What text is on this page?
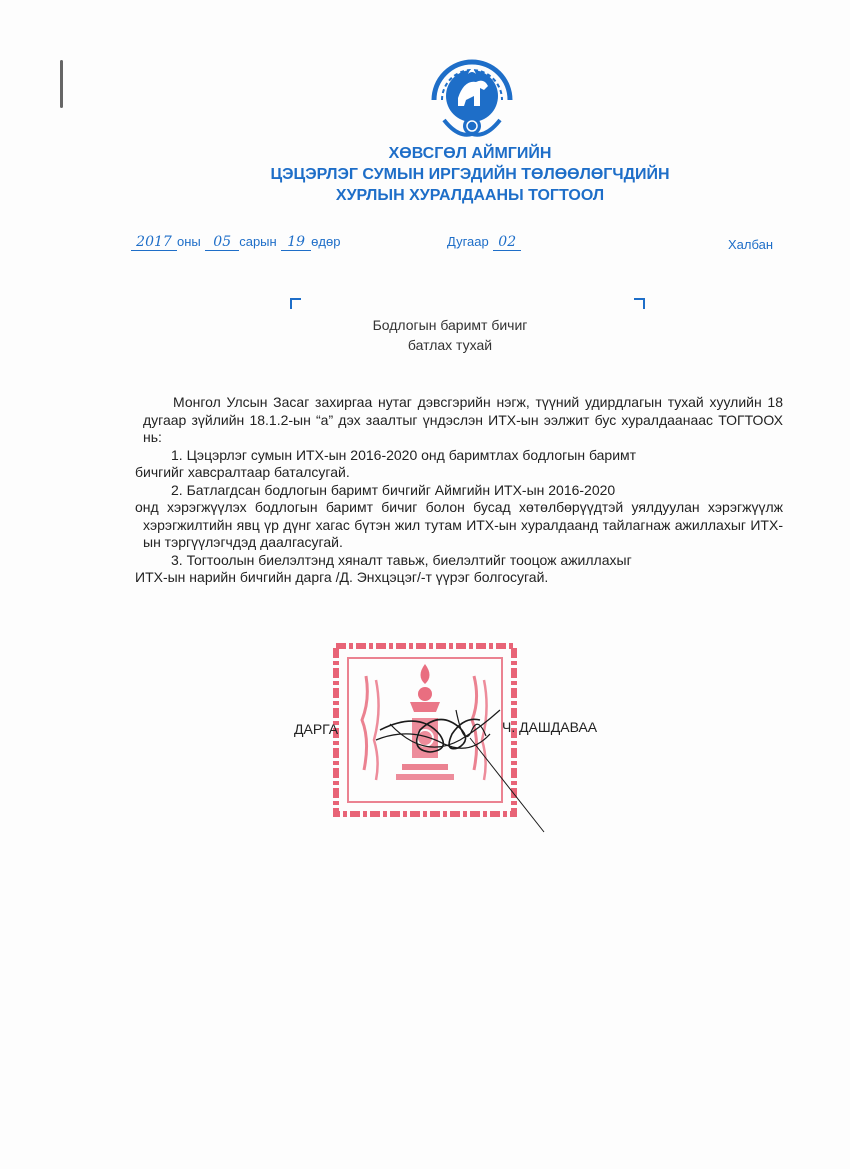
ХӨВСГӨЛ АЙМГИЙН
ЦЭЦЭРЛЭГ СУМЫН ИРГЭДИЙН ТӨЛӨӨЛӨГЧДИЙН
ХУРЛЫН ХУРАЛДААНЫ ТОГТООЛ
2017 оны 05 сарын 19 өдөр	Дугаар 02	Халбан
Бодлогын баримт бичиг
батлах тухай

Монгол Улсын Засаг захиргаа нутаг дэвсгэрийн нэгж, түүний удирдлагын тухай хуулийн 18 дугаар зүйлийн 18.1.2-ын “а” дэх заалтыг үндэслэн ИТХ-ын ээлжит бус хуралдаанаас ТОГТООХ нь:

1. Цэцэрлэг сумын ИТХ-ын 2016-2020 онд баримтлах бодлогын баримт

бичгийг хавсралтаар баталсугай.

2. Батлагдсан бодлогын баримт бичгийг Аймгийн ИТХ-ын 2016-2020

онд хэрэгжүүлэх бодлогын баримт бичиг болон бусад хөтөлбөрүүдтэй уялдуулан хэрэгжүүлж хэрэгжилтийн явц үр дүнг хагас бүтэн жил тутам ИТХ-ын хуралдаанд тайлагнаж ажиллахыг ИТХ-ын тэргүүлэгчдэд даалгасугай.

3. Тогтоолын биелэлтэнд хяналт тавьж, биелэлтийг тооцож ажиллахыг

ИТХ-ын нарийн бичгийн дарга /Д. Энхцэцэг/-т үүрэг болгосугай.

ДАРГА	Ч. ДАШДАВАА
